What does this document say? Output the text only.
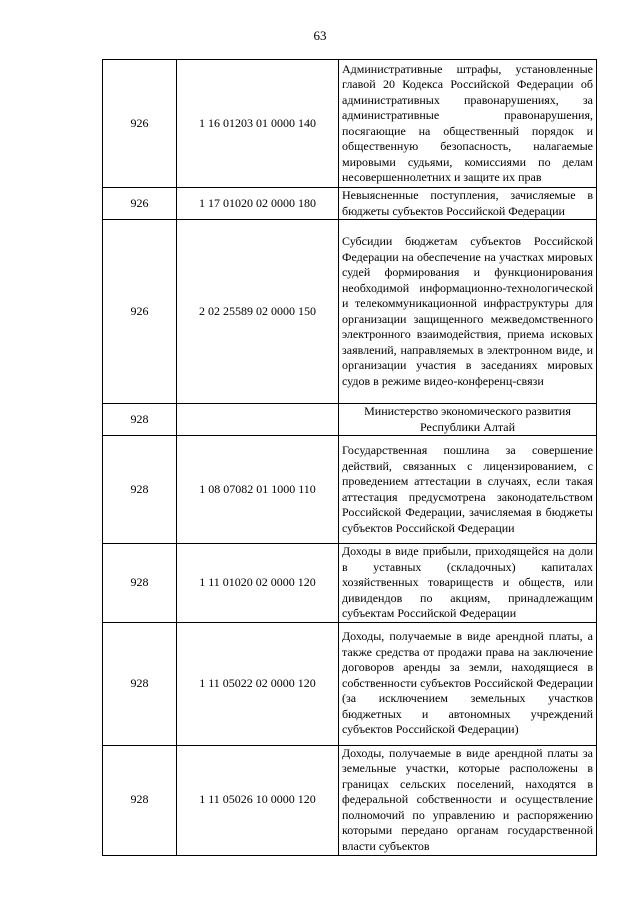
63
926	1 16 01203 01 0000 140	Административные штрафы, установленные главой 20 Кодекса Российской Федерации об административных правонарушениях, за административные правонарушения, посягающие на общественный порядок и общественную безопасность, налагаемые мировыми судьями, комиссиями по делам несовершеннолетних и защите их прав
926	1 17 01020 02 0000 180	Невыясненные поступления, зачисляемые в бюджеты субъектов Российской Федерации
926	2 02 25589 02 0000 150	Субсидии бюджетам субъектов Российской Федерации на обеспечение на участках мировых судей формирования и функционирования необходимой информационно-технологической и телекоммуникационной инфраструктуры для организации защищенного межведомственного электронного взаимодействия, приема исковых заявлений, направляемых в электронном виде, и организации участия в заседаниях мировых судов в режиме видео-конференц-связи
928		Министерство экономического развития Республики Алтай
928	1 08 07082 01 1000 110	Государственная пошлина за совершение действий, связанных с лицензированием, с проведением аттестации в случаях, если такая аттестация предусмотрена законодательством Российской Федерации, зачисляемая в бюджеты субъектов Российской Федерации
928	1 11 01020 02 0000 120	Доходы в виде прибыли, приходящейся на доли в уставных (складочных) капиталах хозяйственных товариществ и обществ, или дивидендов по акциям, принадлежащим субъектам Российской Федерации
928	1 11 05022 02 0000 120	Доходы, получаемые в виде арендной платы, а также средства от продажи права на заключение договоров аренды за земли, находящиеся в собственности субъектов Российской Федерации (за исключением земельных участков бюджетных и автономных учреждений субъектов Российской Федерации)
928	1 11 05026 10 0000 120	Доходы, получаемые в виде арендной платы за земельные участки, которые расположены в границах сельских поселений, находятся в федеральной собственности и осуществление полномочий по управлению и распоряжению которыми передано органам государственной власти субъектов
